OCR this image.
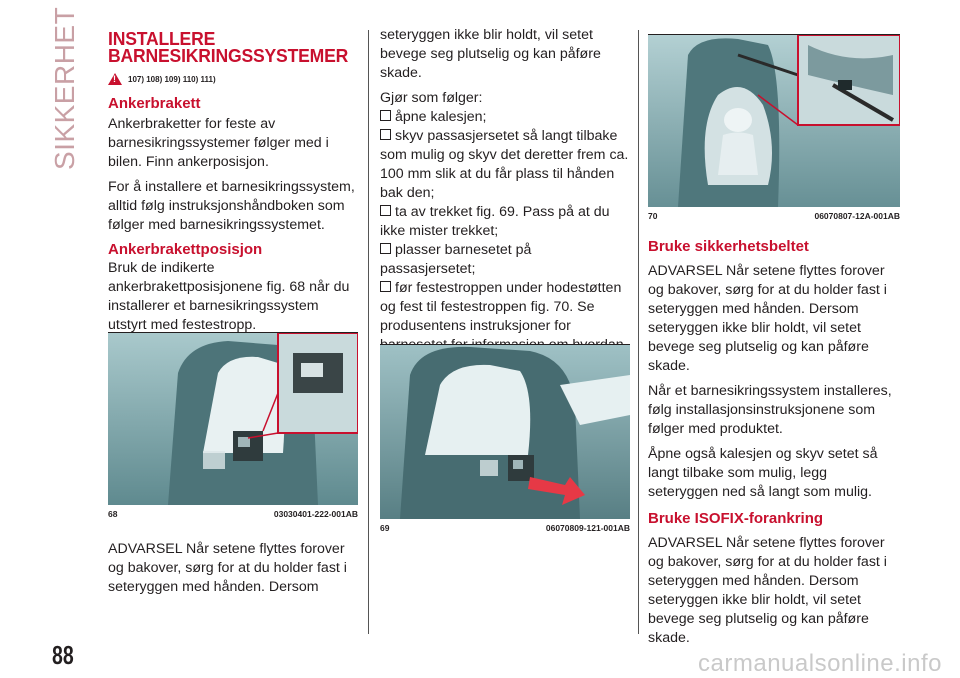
SIKKERHET INSTALLERE BARNESIKRINGSSYSTEMER
!
107) 108) 109) 110) 111)
Ankerbrakett

Ankerbraketter for feste av barnesikringssystemer følger med i bilen. Finn ankerposisjon.

For å installere et barnesikringssystem, alltid følg instruksjonshåndboken som følger med barnesikringssystemet.

Ankerbrakettposisjon

Bruk de indikerte ankerbrakettposisjonene fig. 68 når du installerer et barnesikringssystem utstyrt med festestropp.

68	03030401-222-001AB

ADVARSEL Når setene flyttes forover og bakover, sørg for at du holder fast i seteryggen med hånden. Dersom

seteryggen ikke blir holdt, vil setet bevege seg plutselig og kan påføre skade.

Gjør som følger:

åpne kalesjen;
skyv passasjersetet så langt tilbake som mulig og skyv det deretter frem ca. 100 mm slik at du får plass til hånden bak den;
ta av trekket fig. 69. Pass på at du ikke mister trekket;
plasser barnesetet på passasjersetet;
før festestroppen under hodestøtten og fest til festestroppen fig. 70. Se produsentens instruksjoner for
69	06070809-121-001AB
70	06070807-12A-001AB
Bruke sikkerhetsbeltet

ADVARSEL Når setene flyttes forover og bakover, sørg for at du holder fast i seteryggen med hånden. Dersom seteryggen ikke blir holdt, vil setet bevege seg plutselig og kan påføre skade.

Når et barnesikringssystem installeres, følg installasjonsinstruksjonene som følger med produktet.

Åpne også kalesjen og skyv setet så langt tilbake som mulig, legg seteryggen ned så langt som mulig.

Bruke ISOFIX-forankring

ADVARSEL Når setene flyttes forover og bakover, sørg for at du holder fast i seteryggen med hånden. Dersom seteryggen ikke blir holdt, vil setet bevege seg plutselig og kan påføre skade.

88	carmanualsonline.info
